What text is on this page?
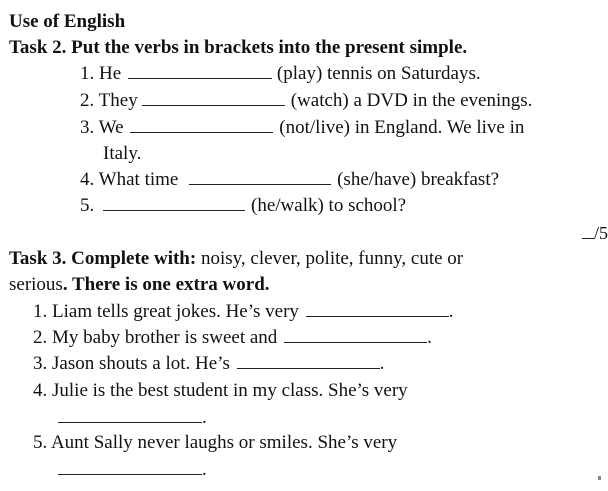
Use of English
Task 2. Put the verbs in brackets into the present simple.
1. He	(play) tennis on Saturdays.
2. They	(watch) a DVD in the evenings.
3. We	(not/live) in England. We live in
Italy.
4. What time	(she/have) breakfast?
5.	(he/walk) to school?
/5
Task 3. Complete with: noisy, clever, polite, funny, cute or
serious. There is one extra word.
1. Liam tells great jokes. He’s very	.
2. My baby brother is sweet and	.
3. Jason shouts a lot. He’s	.
4. Julie is the best student in my class. She’s very
.
5. Aunt Sally never laughs or smiles. She’s very
.
